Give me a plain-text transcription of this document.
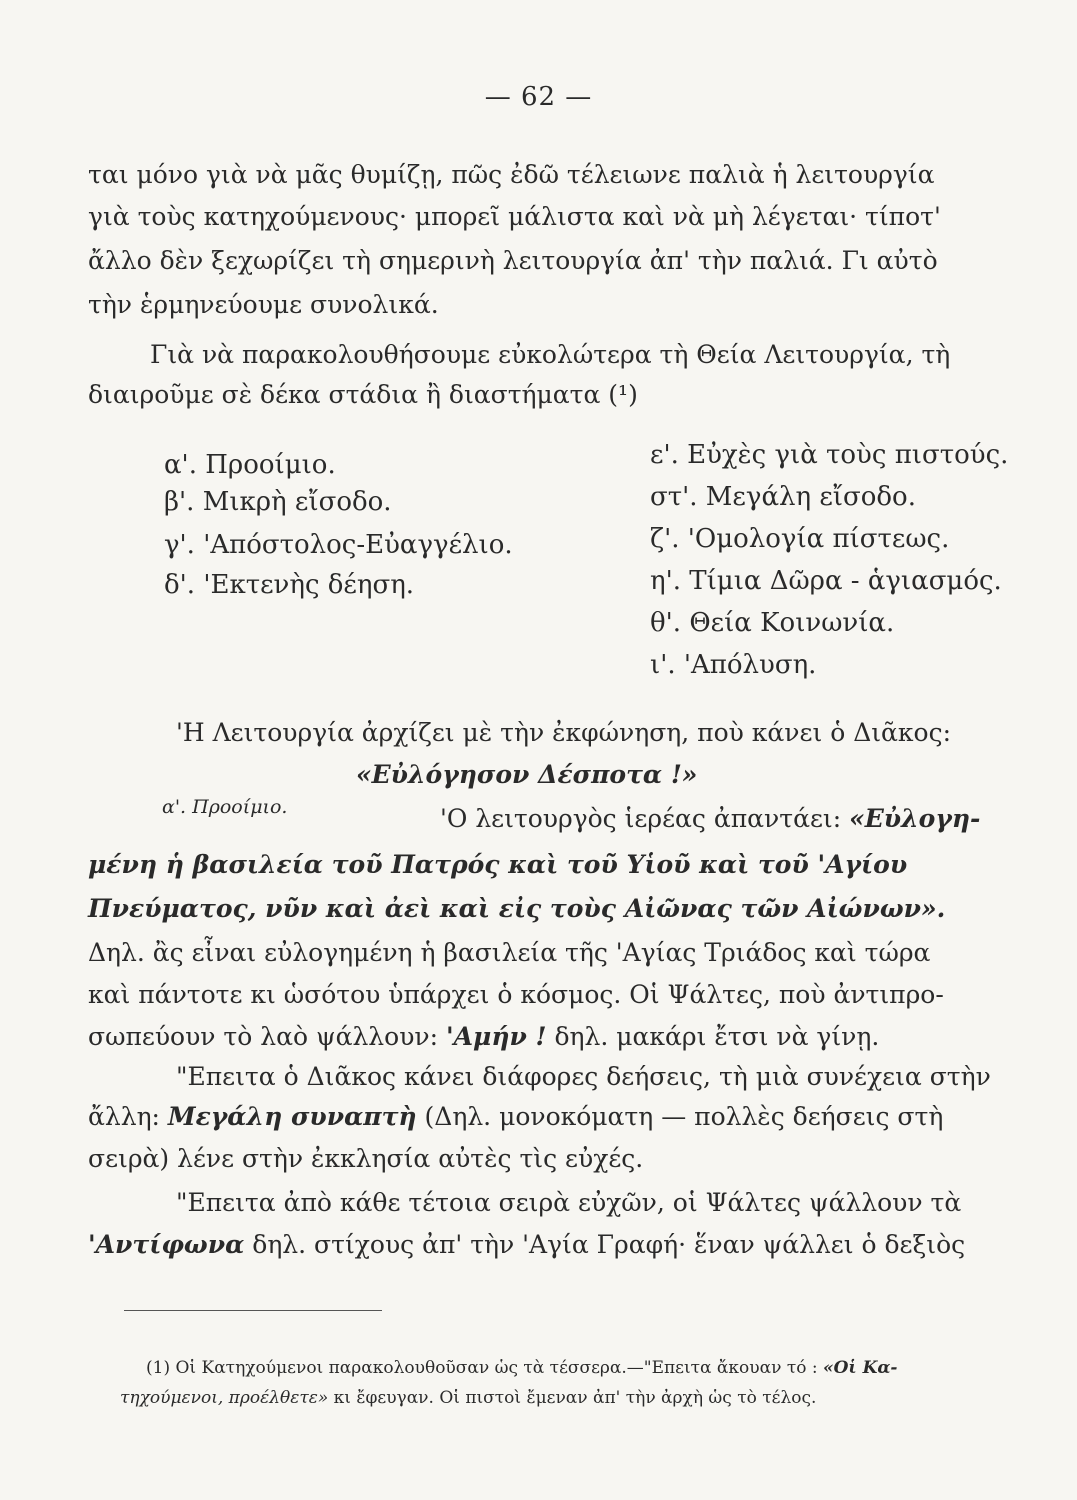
— 62 —
ται μόνο γιὰ νὰ μᾶς θυμίζῃ, πῶς ἐδῶ τέλειωνε παλιὰ ἡ λειτουργία
γιὰ τοὺς κατηχούμενους· μπορεῖ μάλιστα καὶ νὰ μὴ λέγεται· τίποτ'
ἄλλο δὲν ξεχωρίζει τὴ σημερινὴ λειτουργία ἀπ' τὴν παλιά. Γι αὐτὸ
τὴν ἑρμηνεύουμε συνολικά.
Γιὰ νὰ παρακολουθήσουμε εὐκολώτερα τὴ Θεία Λειτουργία, τὴ
διαιροῦμε σὲ δέκα στάδια ἢ διαστήματα (¹)
α'. Προοίμιο.
β'. Μικρὴ εἴσοδο.
γ'. 'Απόστολος-Εὐαγγέλιο.
δ'. 'Εκτενὴς δέηση.
ε'. Εὐχὲς γιὰ τοὺς πιστούς.
στ'. Μεγάλη εἴσοδο.
ζ'. 'Ομολογία πίστεως.
η'. Τίμια Δῶρα - ἁγιασμός.
θ'. Θεία Κοινωνία.
ι'. 'Απόλυση.
'Η Λειτουργία ἀρχίζει μὲ τὴν ἐκφώνηση, ποὺ κάνει ὁ Διᾶκος:
«Εὐλόγησον Δέσποτα !»
α'. Προοίμιο.	'Ο λειτουργὸς ἱερέας ἀπαντάει: «Εὐλογη-
μένη ἡ βασιλεία τοῦ Πατρός καὶ τοῦ Υἱοῦ καὶ τοῦ 'Αγίου
Πνεύματος, νῦν καὶ ἀεὶ καὶ εἰς τοὺς Αἰῶνας τῶν Αἰώνων».
Δηλ. ἂς εἶναι εὐλογημένη ἡ βασιλεία τῆς 'Αγίας Τριάδος καὶ τώρα
καὶ πάντοτε κι ὡσότου ὑπάρχει ὁ κόσμος. Οἱ Ψάλτες, ποὺ ἀντιπρο-
σωπεύουν τὸ λαὸ ψάλλουν: 'Αμήν ! δηλ. μακάρι ἔτσι νὰ γίνῃ.
"Επειτα ὁ Διᾶκος κάνει διάφορες δεήσεις, τὴ μιὰ συνέχεια στὴν
ἄλλη: Μεγάλη συναπτὴ (Δηλ. μονοκόματη — πολλὲς δεήσεις στὴ
σειρὰ) λένε στὴν ἐκκλησία αὐτὲς τὶς εὐχές.
"Επειτα ἀπὸ κάθε τέτοια σειρὰ εὐχῶν, οἱ Ψάλτες ψάλλουν τὰ
'Αντίφωνα δηλ. στίχους ἀπ' τὴν 'Αγία Γραφή· ἕναν ψάλλει ὁ δεξιὸς
(1) Οἱ Κατηχούμενοι παρακολουθοῦσαν ὡς τὰ τέσσερα.—"Επειτα ἄκουαν τό : «Οἱ Κα-
τηχούμενοι, προέλθετε» κι ἔφευγαν. Οἱ πιστοὶ ἔμεναν ἀπ' τὴν ἀρχὴ ὡς τὸ τέλος.
